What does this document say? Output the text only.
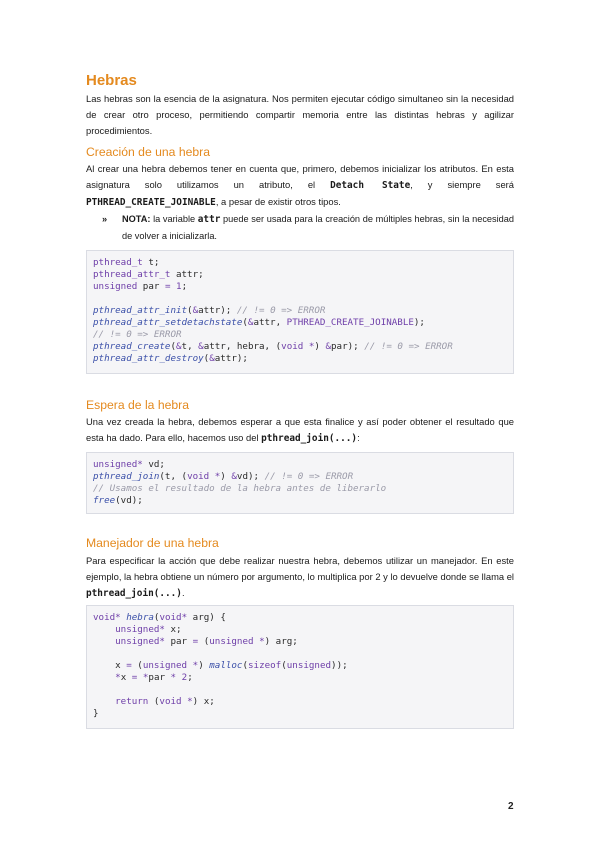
Hebras

Las hebras son la esencia de la asignatura. Nos permiten ejecutar código simultaneo sin la necesidad de crear otro proceso, permitiendo compartir memoria entre las distintas hebras y agilizar procedimientos.

Creación de una hebra

Al crear una hebra debemos tener en cuenta que, primero, debemos inicializar los atributos. En esta asignatura solo utilizamos un atributo, el Detach State, y siempre será PTHREAD_CREATE_JOINABLE, a pesar de existir otros tipos.

»	NOTA: la variable attr puede ser usada para la creación de múltiples hebras, sin la necesidad de volver a inicializarla.

pthread_t t;
pthread_attr_t attr;
unsigned par = 1;

pthread_attr_init(&attr); // != 0 => ERROR
pthread_attr_setdetachstate(&attr, PTHREAD_CREATE_JOINABLE);
// != 0 => ERROR
pthread_create(&t, &attr, hebra, (void *) &par); // != 0 => ERROR
pthread_attr_destroy(&attr);
Espera de la hebra

Una vez creada la hebra, debemos esperar a que esta finalice y así poder obtener el resultado que esta ha dado. Para ello, hacemos uso del pthread_join(...):

unsigned* vd;
pthread_join(t, (void *) &vd); // != 0 => ERROR
// Usamos el resultado de la hebra antes de liberarlo
free(vd);
Manejador de una hebra

Para especificar la acción que debe realizar nuestra hebra, debemos utilizar un manejador. En este ejemplo, la hebra obtiene un número por argumento, lo multiplica por 2 y lo devuelve donde se llama el pthread_join(...).

void* hebra(void* arg) {
unsigned* x;
unsigned* par = (unsigned *) arg;

x = (unsigned *) malloc(sizeof(unsigned));
*x = *par * 2;

return (void *) x;
}
2
